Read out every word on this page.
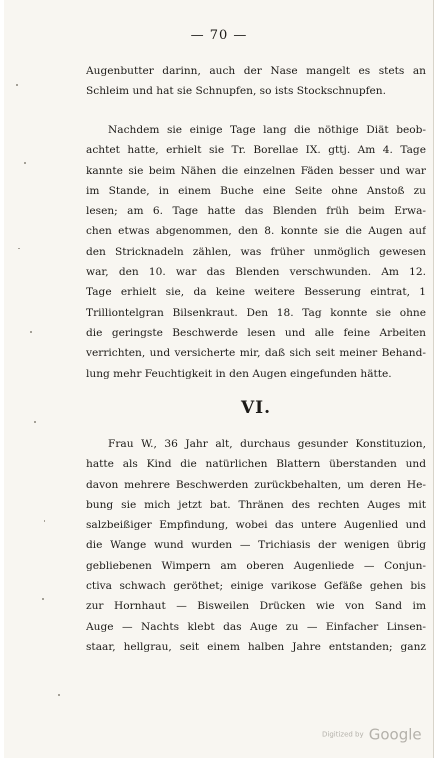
— 70 —
Augenbutter darinn, auch der Nase mangelt es stets an
Schleim und hat sie Schnupfen, so ists Stockschnupfen.
Nachdem sie einige Tage lang die nöthige Diät beob-
achtet hatte, erhielt sie Tr. Borellae IX. gttj. Am 4. Tage
kannte sie beim Nähen die einzelnen Fäden besser und war
im Stande, in einem Buche eine Seite ohne Anstoß zu
lesen; am 6. Tage hatte das Blenden früh beim Erwa-
chen etwas abgenommen, den 8. konnte sie die Augen auf
den Stricknadeln zählen, was früher unmöglich gewesen
war, den 10. war das Blenden verschwunden. Am 12.
Tage erhielt sie, da keine weitere Besserung eintrat, 1
Trilliontelgran Bilsenkraut. Den 18. Tag konnte sie ohne
die geringste Beschwerde lesen und alle feine Arbeiten
verrichten, und versicherte mir, daß sich seit meiner Behand-
lung mehr Feuchtigkeit in den Augen eingefunden hätte.
VI.
Frau W., 36 Jahr alt, durchaus gesunder Konstituzion,
hatte als Kind die natürlichen Blattern überstanden und
davon mehrere Beschwerden zurückbehalten, um deren He-
bung sie mich jetzt bat. Thränen des rechten Auges mit
salzbeißiger Empfindung, wobei das untere Augenlied und
die Wange wund wurden — Trichiasis der wenigen übrig
gebliebenen Wimpern am oberen Augenliede — Conjun-
ctiva schwach geröthet; einige varikose Gefäße gehen bis
zur Hornhaut — Bisweilen Drücken wie von Sand im
Auge — Nachts klebt das Auge zu — Einfacher Linsen-
staar, hellgrau, seit einem halben Jahre entstanden; ganz
Digitized by Google
